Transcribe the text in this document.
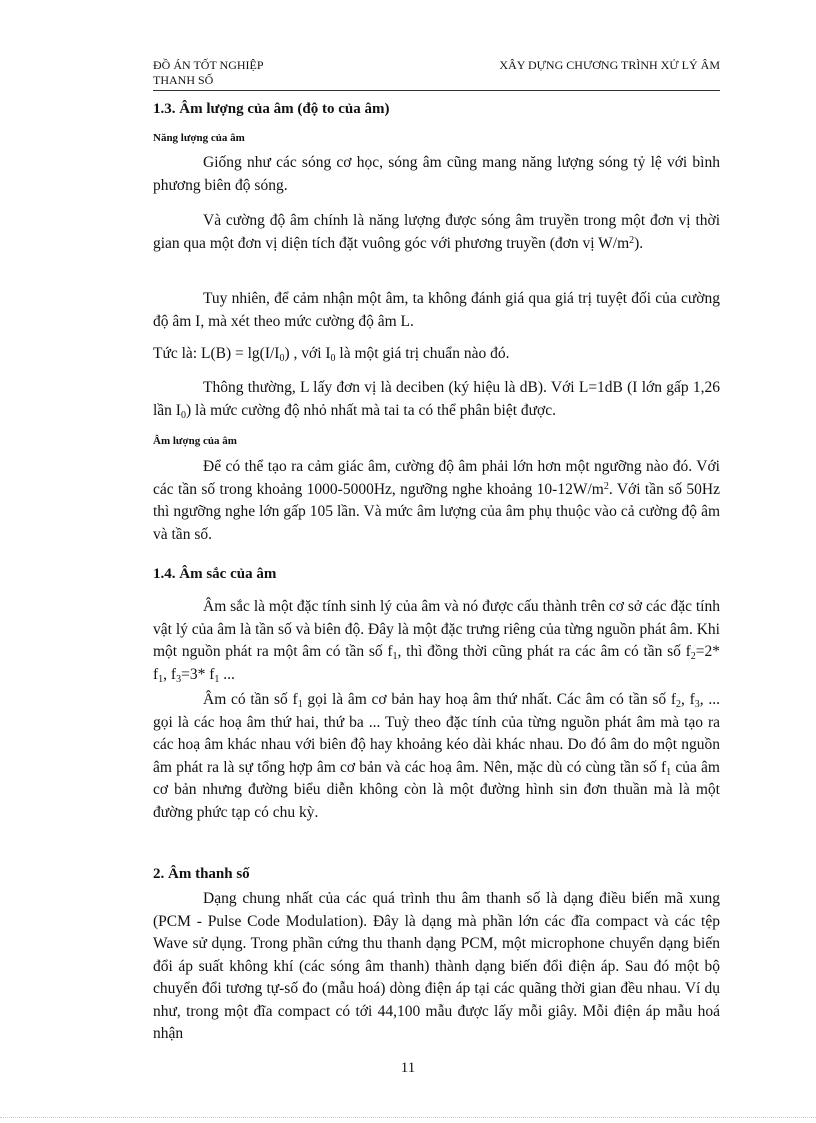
ĐỒ ÁN TỐT NGHIỆP
THANH SỐ
XÂY DỰNG CHƯƠNG TRÌNH XỬ LÝ ÂM
1.3. Âm lượng của âm (độ to của âm)
Năng lượng của âm
Giống như các sóng cơ học, sóng âm cũng mang năng lượng sóng tỷ lệ với bình phương biên độ sóng.
Và cường độ âm chính là năng lượng được sóng âm truyền trong một đơn vị thời gian qua một đơn vị diện tích đặt vuông góc với phương truyền (đơn vị $W/m^2$).
Tuy nhiên, để cảm nhận một âm, ta không đánh giá qua giá trị tuyệt đối của cường độ âm I, mà xét theo mức cường độ âm L.
Tức là: $L(B) = \lg(I/I_0)$ , với $I_0$ là một giá trị chuẩn nào đó.
Thông thường, L lấy đơn vị là deciben (ký hiệu là dB). Với L=1dB (I lớn gấp 1,26 lần $I_0$) là mức cường độ nhỏ nhất mà tai ta có thể phân biệt được.
Âm lượng của âm
Để có thể tạo ra cảm giác âm, cường độ âm phải lớn hơn một ngưỡng nào đó. Với các tần số trong khoảng 1000-5000Hz, ngưỡng nghe khoảng $10-12W/m^2$. Với tần số 50Hz thì ngưỡng nghe lớn gấp 105 lần. Và mức âm lượng của âm phụ thuộc vào cả cường độ âm và tần số.
1.4. Âm sắc của âm
Âm sắc là một đặc tính sinh lý của âm và nó được cấu thành trên cơ sở các đặc tính vật lý của âm là tần số và biên độ. Đây là một đặc trưng riêng của từng nguồn phát âm. Khi một nguồn phát ra một âm có tần số $f_1$, thì đồng thời cũng phát ra các âm có tần số $f_2=2*$ $f_1$, $f_3=3*$ $f_1$ ...
Âm có tần số $f_1$ gọi là âm cơ bản hay hoạ âm thứ nhất. Các âm có tần số $f_2$, $f_3$, ... gọi là các hoạ âm thứ hai, thứ ba ... Tuỳ theo đặc tính của từng nguồn phát âm mà tạo ra các hoạ âm khác nhau với biên độ hay khoảng kéo dài khác nhau. Do đó âm do một nguồn âm phát ra là sự tổng hợp âm cơ bản và các hoạ âm. Nên, mặc dù có cùng tần số $f_1$ của âm cơ bản nhưng đường biểu diễn không còn là một đường hình sin đơn thuần mà là một đường phức tạp có chu kỳ.
2. Âm thanh số
Dạng chung nhất của các quá trình thu âm thanh số là dạng điều biến mã xung (PCM - Pulse Code Modulation). Đây là dạng mà phần lớn các đĩa compact và các tệp Wave sử dụng. Trong phần cứng thu thanh dạng PCM, một microphone chuyển dạng biến đổi áp suất không khí (các sóng âm thanh) thành dạng biến đổi điện áp. Sau đó một bộ chuyển đổi tương tự-số đo (mẫu hoá) dòng điện áp tại các quãng thời gian đều nhau. Ví dụ như, trong một đĩa compact có tới 44,100 mẫu được lấy mỗi giây. Mỗi điện áp mẫu hoá nhận
11
